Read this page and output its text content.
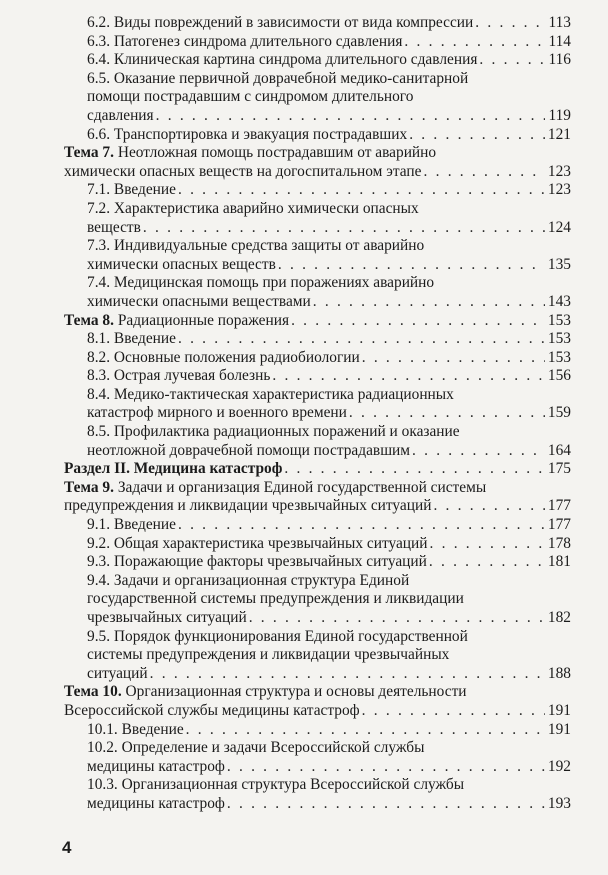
6.2. Виды повреждений в зависимости от вида компрессии . . .	113
6.3. Патогенез синдрома длительного сдавления . . .	114
6.4. Клиническая картина синдрома длительного сдавления . . .	116
6.5. Оказание первичной доврачебной медико-санитарной
помощи пострадавшим с синдромом длительного
сдавления . . .	119
6.6. Транспортировка и эвакуация пострадавших . . .	121
Тема 7. Неотложная помощь пострадавшим от аварийно
химически опасных веществ на догоспитальном этапе . . .	123
7.1. Введение . . .	123
7.2. Характеристика аварийно химически опасных
веществ . . .	124
7.3. Индивидуальные средства защиты от аварийно
химически опасных веществ . . .	135
7.4. Медицинская помощь при поражениях аварийно
химически опасными веществами . . .	143
Тема 8. Радиационные поражения . . .	153
8.1. Введение . . .	153
8.2. Основные положения радиобиологии . . .	153
8.3. Острая лучевая болезнь . . .	156
8.4. Медико-тактическая характеристика радиационных
катастроф мирного и военного времени . . .	159
8.5. Профилактика радиационных поражений и оказание
неотложной доврачебной помощи пострадавшим . . .	164
Раздел II. Медицина катастроф . . .	175
Тема 9. Задачи и организация Единой государственной системы
предупреждения и ликвидации чрезвычайных ситуаций . . .	177
9.1. Введение . . .	177
9.2. Общая характеристика чрезвычайных ситуаций . . .	178
9.3. Поражающие факторы чрезвычайных ситуаций . . .	181
9.4. Задачи и организационная структура Единой
государственной системы предупреждения и ликвидации
чрезвычайных ситуаций . . .	182
9.5. Порядок функционирования Единой государственной
системы предупреждения и ликвидации чрезвычайных
ситуаций . . .	188
Тема 10. Организационная структура и основы деятельности
Всероссийской службы медицины катастроф . . .	191
10.1. Введение . . .	191
10.2. Определение и задачи Всероссийской службы
медицины катастроф . . .	192
10.3. Организационная структура Всероссийской службы
медицины катастроф . . .	193
4
